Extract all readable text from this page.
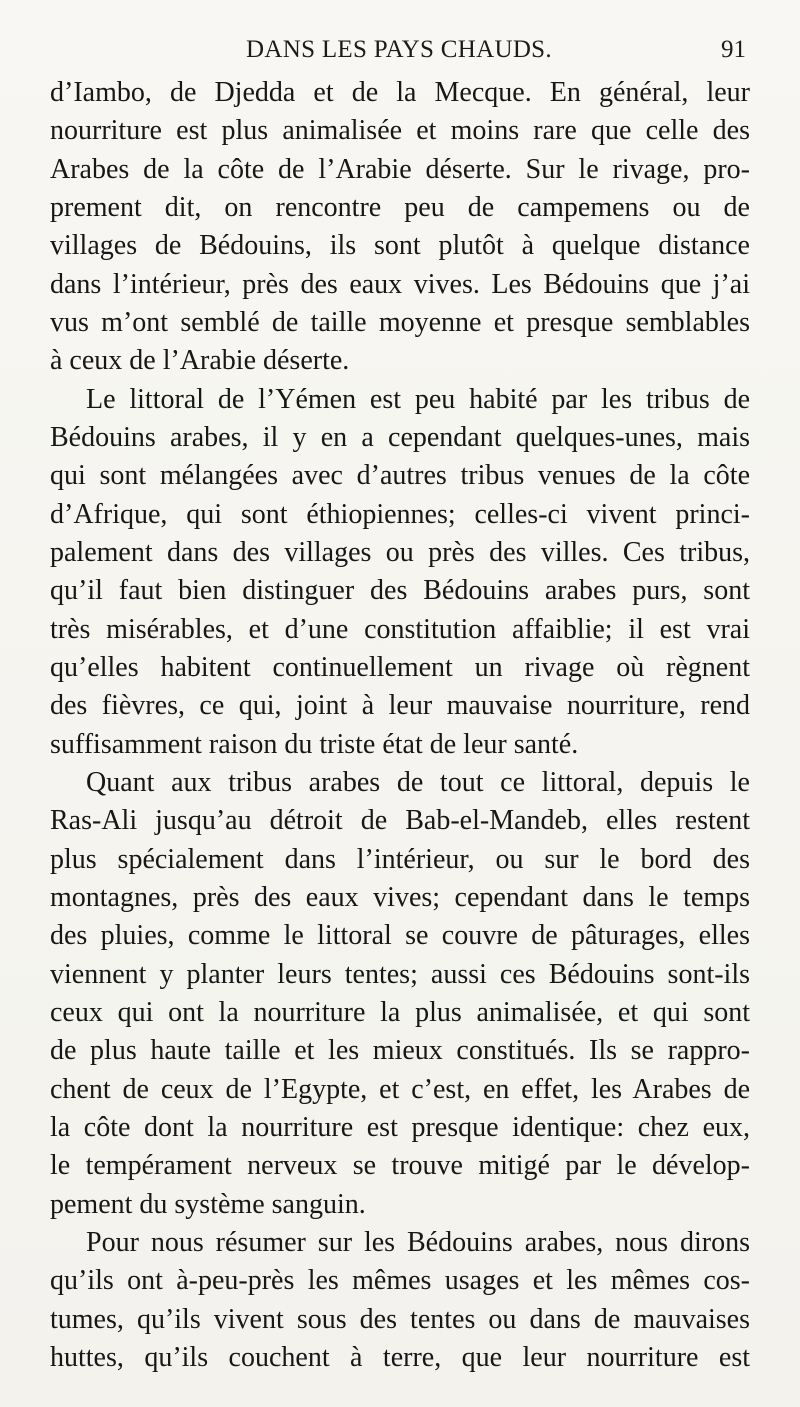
DANS LES PAYS CHAUDS.	91
d’Iambo, de Djedda et de la Mecque. En général, leur
nourriture est plus animalisée et moins rare que celle des
Arabes de la côte de l’Arabie déserte. Sur le rivage, pro-
prement dit, on rencontre peu de campemens ou de
villages de Bédouins, ils sont plutôt à quelque distance
dans l’intérieur, près des eaux vives. Les Bédouins que j’ai
vus m’ont semblé de taille moyenne et presque semblables
à ceux de l’Arabie déserte.
Le littoral de l’Yémen est peu habité par les tribus de
Bédouins arabes, il y en a cependant quelques-unes, mais
qui sont mélangées avec d’autres tribus venues de la côte
d’Afrique, qui sont éthiopiennes; celles-ci vivent princi-
palement dans des villages ou près des villes. Ces tribus,
qu’il faut bien distinguer des Bédouins arabes purs, sont
très misérables, et d’une constitution affaiblie; il est vrai
qu’elles habitent continuellement un rivage où règnent
des fièvres, ce qui, joint à leur mauvaise nourriture, rend
suffisamment raison du triste état de leur santé.
Quant aux tribus arabes de tout ce littoral, depuis le
Ras-Ali jusqu’au détroit de Bab-el-Mandeb, elles restent
plus spécialement dans l’intérieur, ou sur le bord des
montagnes, près des eaux vives; cependant dans le temps
des pluies, comme le littoral se couvre de pâturages, elles
viennent y planter leurs tentes; aussi ces Bédouins sont-ils
ceux qui ont la nourriture la plus animalisée, et qui sont
de plus haute taille et les mieux constitués. Ils se rappro-
chent de ceux de l’Egypte, et c’est, en effet, les Arabes de
la côte dont la nourriture est presque identique: chez eux,
le tempérament nerveux se trouve mitigé par le dévelop-
pement du système sanguin.
Pour nous résumer sur les Bédouins arabes, nous dirons
qu’ils ont à-peu-près les mêmes usages et les mêmes cos-
tumes, qu’ils vivent sous des tentes ou dans de mauvaises
huttes, qu’ils couchent à terre, que leur nourriture est
